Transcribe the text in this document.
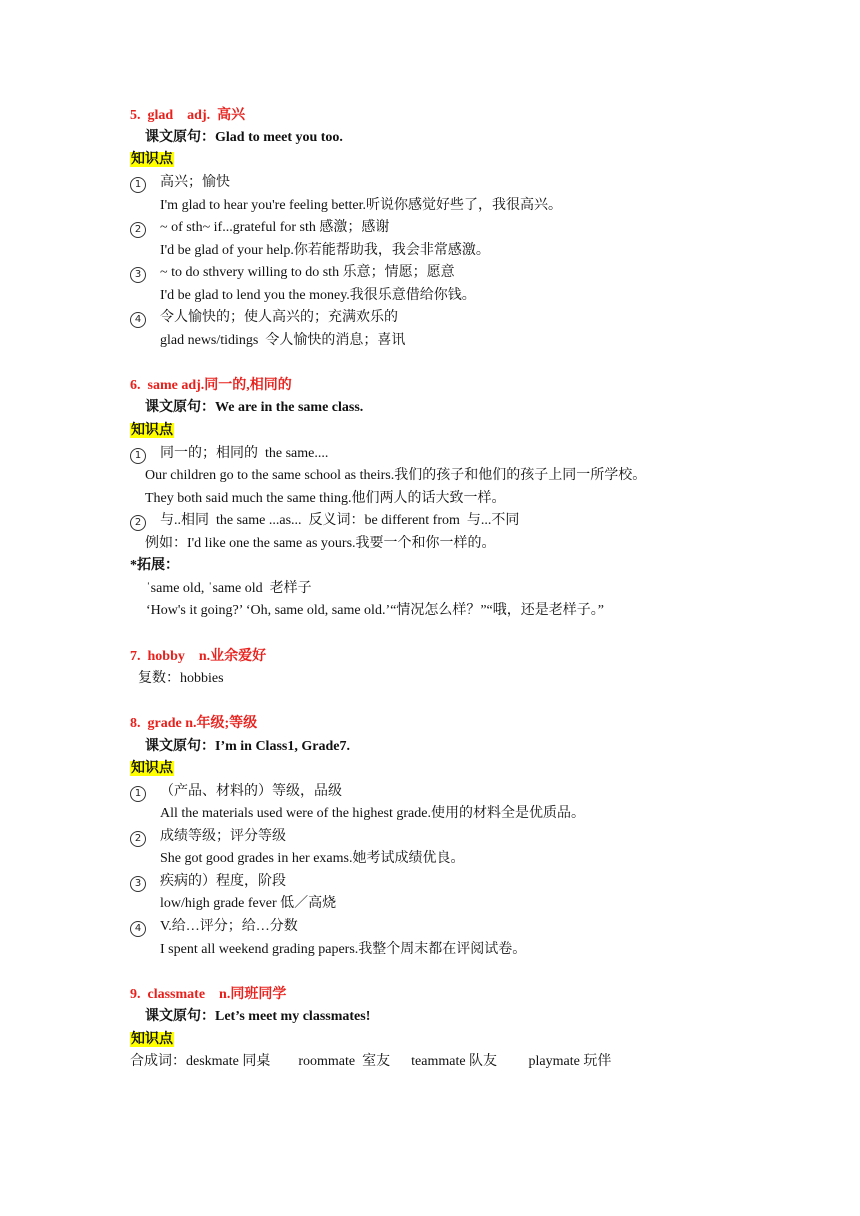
5.  glad    adj.  高兴
课文原句：Glad to meet you too.
知识点
1	高兴；愉快
I'm glad to hear you're feeling better.听说你感觉好些了，我很高兴。
2	~ of sth~ if...grateful for sth 感激；感谢
I'd be glad of your help.你若能帮助我，我会非常感激。
3	~ to do sthvery willing to do sth 乐意；情愿；愿意
I'd be glad to lend you the money.我很乐意借给你钱。
4	令人愉快的；使人高兴的；充满欢乐的
glad news/tidings  令人愉快的消息；喜讯
6.  same adj.同一的,相同的
课文原句：We are in the same class.
知识点
1	同一的；相同的  the same....
Our children go to the same school as theirs.我们的孩子和他们的孩子上同一所学校。
They both said much the same thing.他们两人的话大致一样。
2	与..相同  the same ...as...  反义词：be different from  与...不同
例如：I'd like one the same as yours.我要一个和你一样的。
*拓展：
ˈsame old, ˈsame old  老样子
‘How's it going?’ ‘Oh, same old, same old.’“情况怎么样？”“哦，还是老样子。”
7.  hobby    n.业余爱好
复数：hobbies
8.  grade n.年级;等级
课文原句：I’m in Class1, Grade7.
知识点
1	（产品、材料的）等级，品级
All the materials used were of the highest grade.使用的材料全是优质品。
2	成绩等级；评分等级
She got good grades in her exams.她考试成绩优良。
3	疾病的）程度，阶段
low/high grade fever 低／高烧
4	V.给…评分；给…分数
I spent all weekend grading papers.我整个周末都在评阅试卷。
9.  classmate    n.同班同学
课文原句：Let’s meet my classmates!
知识点
合成词：deskmate 同桌        roommate  室友      teammate 队友         playmate 玩伴
